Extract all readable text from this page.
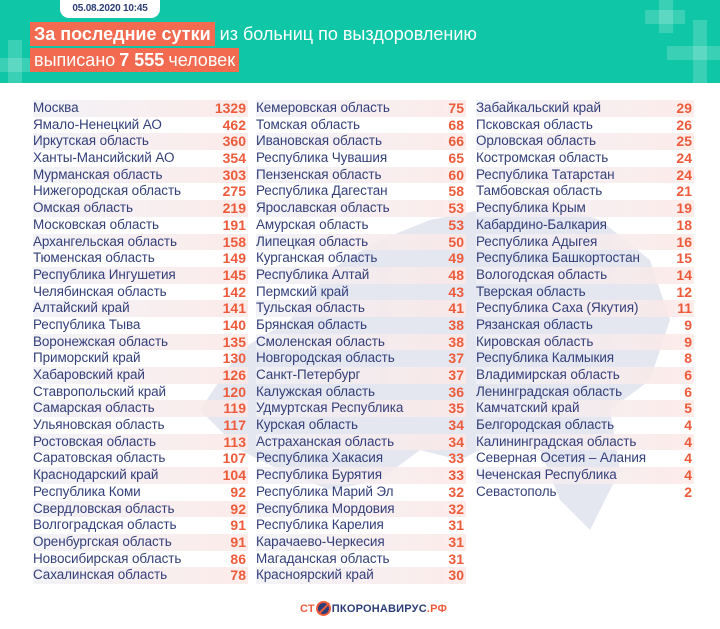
05.08.2020 10:45
За последние сутки из больниц по выздоровлению
выписано 7 555 человек
Москва	1329
Ямало-Ненецкий АО	462
Иркутская область	360
Ханты-Мансийский АО	354
Мурманская область	303
Нижегородская область	275
Омская область	219
Московская область	191
Архангельская область	158
Тюменская область	149
Республика Ингушетия	145
Челябинская область	142
Алтайский край	141
Республика Тыва	140
Воронежская область	135
Приморский край	130
Хабаровский край	126
Ставропольский край	120
Самарская область	119
Ульяновская область	117
Ростовская область	113
Саратовская область	107
Краснодарский край	104
Республика Коми	92
Свердловская область	92
Волгоградская область	91
Оренбургская область	91
Новосибирская область	86
Сахалинская область	78
Кемеровская область	75
Томская область	68
Ивановская область	66
Республика Чувашия	65
Пензенская область	60
Республика Дагестан	58
Ярославская область	53
Амурская область	53
Липецкая область	50
Курганская область	49
Республика Алтай	48
Пермский край	43
Тульская область	41
Брянская область	38
Смоленская область	38
Новгородская область	37
Санкт-Петербург	37
Калужская область	36
Удмуртская Республика	35
Курская область	34
Астраханская область	34
Республика Хакасия	33
Республика Бурятия	33
Республика Марий Эл	32
Республика Мордовия	32
Республика Карелия	31
Карачаево-Черкесия	31
Магаданская область	31
Красноярский край	30
Забайкальский край	29
Псковская область	26
Орловская область	25
Костромская область	24
Республика Татарстан	24
Тамбовская область	21
Республика Крым	19
Кабардино-Балкария	18
Республика Адыгея	16
Республика Башкортостан	15
Вологодская область	14
Тверская область	12
Республика Саха (Якутия)	11
Рязанская область	9
Кировская область	9
Республика Калмыкия	8
Владимирская область	6
Ленинградская область	6
Камчатский край	5
Белгородская область	4
Калининградская область	4
Северная Осетия – Алания	4
Чеченская Республика	4
Севастополь	2
СТ ПКОРОНАВИРУС .РФ
